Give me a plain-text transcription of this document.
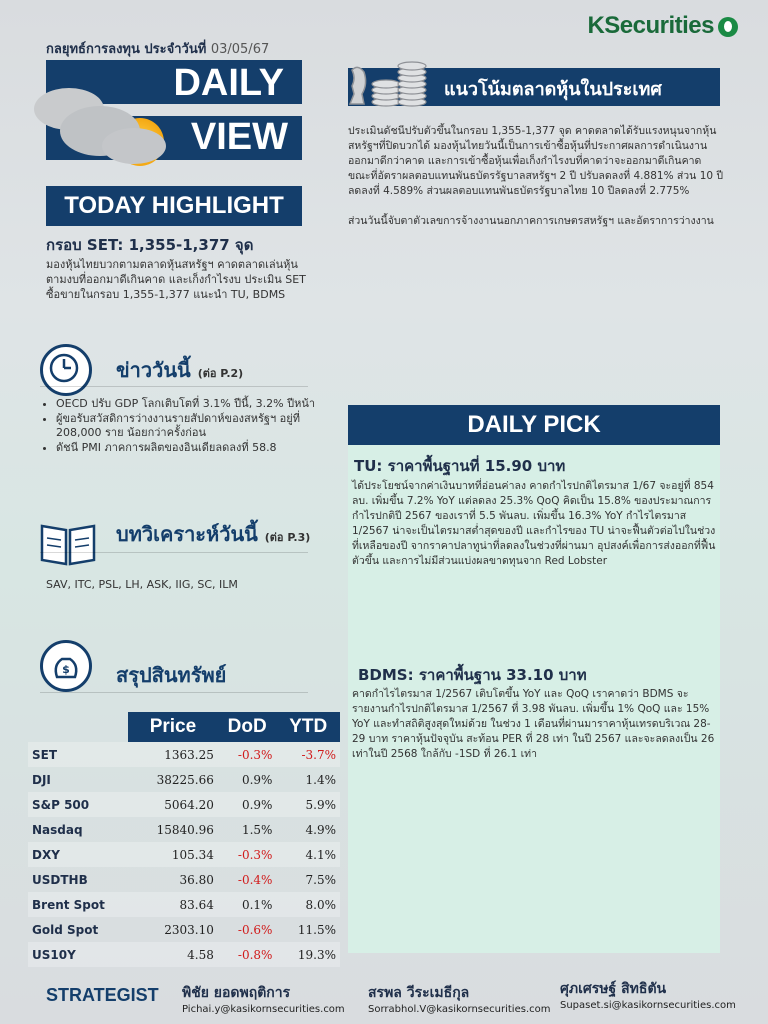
กลยุทธ์การลงทุน ประจำวันที่ 03/05/67
KSecurities
DAILY
VIEW
TODAY HIGHLIGHT
กรอบ SET: 1,355-1,377 จุด
มองหุ้นไทยบวกตามตลาดหุ้นสหรัฐฯ คาดตลาดเล่นหุ้นตามงบที่ออกมาดีเกินคาด และเก็งกำไรงบ ประเมิน SET ซื้อขายในกรอบ 1,355-1,377 แนะนำ TU, BDMS
ข่าววันนี้ (ต่อ P.2)
• OECD ปรับ GDP โลกเติบโตที่ 3.1% ปีนี้, 3.2% ปีหน้า
• ผู้ขอรับสวัสดิการว่างงานรายสัปดาห์ของสหรัฐฯ อยู่ที่ 208,000 ราย น้อยกว่าครั้งก่อน
• ดัชนี PMI ภาคการผลิตของอินเดียลดลงที่ 58.8
บทวิเคราะห์วันนี้ (ต่อ P.3)
SAV, ITC, PSL, LH, ASK, IIG, SC, ILM
$ สรุปสินทรัพย์
	Price	DoD	YTD
SET	1363.25	-0.3%	-3.7%
DJI	38225.66	0.9%	1.4%
S&P 500	5064.20	0.9%	5.9%
Nasdaq	15840.96	1.5%	4.9%
DXY	105.34	-0.3%	4.1%
USDTHB	36.80	-0.4%	7.5%
Brent Spot	83.64	0.1%	8.0%
Gold Spot	2303.10	-0.6%	11.5%
US10Y	4.58	-0.8%	19.3%
แนวโน้มตลาดหุ้นในประเทศ
ประเมินดัชนีปรับตัวขึ้นในกรอบ 1,355-1,377 จุด คาดตลาดได้รับแรงหนุนจากหุ้นสหรัฐฯที่ปิดบวกได้ มองหุ้นไทยวันนี้เป็นการเข้าซื้อหุ้นที่ประกาศผลการดำเนินงานออกมาดีกว่าคาด และการเข้าซื้อหุ้นเพื่อเก็งกำไรงบที่คาดว่าจะออกมาดีเกินคาด ขณะที่อัตราผลตอบแทนพันธบัตรรัฐบาลสหรัฐฯ 2 ปี ปรับลดลงที่ 4.881% ส่วน 10 ปีลดลงที่ 4.589% ส่วนผลตอบแทนพันธบัตรรัฐบาลไทย 10 ปีลดลงที่ 2.775%
ส่วนวันนี้จับตาตัวเลขการจ้างงานนอกภาคการเกษตรสหรัฐฯ และอัตราการว่างงาน
DAILY PICK
TU: ราคาพื้นฐานที่ 15.90 บาท
ได้ประโยชน์จากค่าเงินบาทที่อ่อนค่าลง คาดกำไรปกติไตรมาส 1/67 จะอยู่ที่ 854 ลบ. เพิ่มขึ้น 7.2% YoY แต่ลดลง 25.3% QoQ คิดเป็น 15.8% ของประมาณการกำไรปกติปี 2567 ของเราที่ 5.5 พันลบ. เพิ่มขึ้น 16.3% YoY กำไรไตรมาส 1/2567 น่าจะเป็นไตรมาสต่ำสุดของปี และกำไรของ TU น่าจะฟื้นตัวต่อไปในช่วงที่เหลือของปี จากราคาปลาทูน่าที่ลดลงในช่วงที่ผ่านมา อุปสงค์เพื่อการส่งออกที่ฟื้นตัวขึ้น และการไม่มีส่วนแบ่งผลขาดทุนจาก Red Lobster
BDMS: ราคาพื้นฐาน 33.10 บาท
คาดกำไรไตรมาส 1/2567 เติบโตขึ้น YoY และ QoQ เราคาดว่า BDMS จะรายงานกำไรปกติไตรมาส 1/2567 ที่ 3.98 พันลบ. เพิ่มขึ้น 1% QoQ และ 15% YoY และทำสถิติสูงสุดใหม่ด้วย ในช่วง 1 เดือนที่ผ่านมาราคาหุ้นเทรดบริเวณ 28-29 บาท ราคาหุ้นปัจจุบัน สะท้อน PER ที่ 28 เท่า ในปี 2567 และจะลดลงเป็น 26 เท่าในปี 2568 ใกล้กับ -1SD ที่ 26.1 เท่า
STRATEGIST พิชัย ยอดพฤติการ
Pichai.y@kasikornsecurities.com
สรพล วีระเมธีกุล
Sorrabhol.V@kasikornsecurities.com
ศุภเศรษฐ์ สิทธิตัน
Supaset.si@kasikornsecurities.com
